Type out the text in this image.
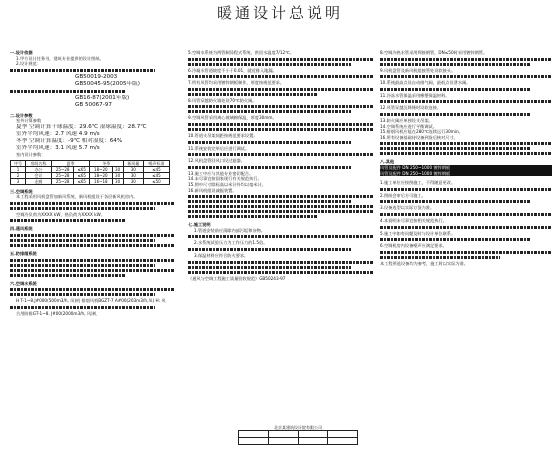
暖通设计总说明
一.设计依据
1.甲方设计任务书，建筑专业提供的设计图纸。
2.设计规范：
GB50019-2003
GB50045-95(2005年版)
GB16-87(2001年版)
GB 50067-97
二.设计参数
室外计算参数
夏季 空调计算干球温度：29.6℃ 湿球温度：28.7℃
室外平均风速：2.7 风速 4.9 m/s
冬季 空调计算温度：-9℃ 相对湿度：64%
室外平均风速：3.1 风速 5.7 m/s
室内设计参数：
序号	房间名称	夏季		冬季		新风量	噪声标准
1	办公	25~28	≤65	18~20	30	30	≤45
2	会议	25~28	≤65	18~20	30	30	≤45
3	走廊	25~28	≤65	16~18	30	30	≤50
三.空调系统
本工程采用风机盘管加新风系统，新风机组设于各层新风机房内。
空调冷负荷为XXXX kW，热负荷为XXXX kW。
四.通风系统
五.防排烟系统
六.空调水系统
H T-1~8.J#000(500m3/h, 凤)机 排烟风机BGZT-7 A#00(203m3/h,凤) H: 风
合用防排GT-1~8. J#00(2000m3/h, 风)机
5.空调水系统为两管制异程式系统，供回水温度7/12℃。
6.冷凝水管道坡度不小于0.01，就近排入地漏。
7.所有风管均采用镀锌钢板制作，厚度按规范要求。
8.风管穿越防火墙处设70℃防火阀。
9.空调风管采用离心玻璃棉保温，厚度30mm。
10.管道支吊架间距按规范要求设置。
11.系统安装完毕后应进行调试。
12.风机盘管回风口设过滤器。
13.施工中应与其他专业密切配合。
14.未尽事宜按国家现行有关规范执行。
15.图中尺寸除标高以米计外均以毫米计。
16.新风机组设减振装置。
七.施工说明
1.管道安装前应清除内部污垢和杂物。
2.水系统试验压力为工作压力的1.5倍。
3.保温材料应符合防火要求。
《通风与空调工程施工质量验收规范》GB50243-97
8.空调冷热水管采用焊接钢管，DN≤50时采用镀锌钢管。
9.风机盘管及新风机组接管处设软接头。
10.系统最高点设自动排气阀，最低点设泄水阀。
11.冷冻水管保温采用橡塑保温材料。
12.风管穿越沉降缝时设软连接。
13.防火阀应单独设支吊架。
14.空调系统应进行平衡调试。
15.排烟风机应能在280℃连续运行30min。
16.所有设备基础待设备到货后核对尺寸。
八.其他
风管及配件 DN 250~1000 镀锌钢板
风管及配件 DN 250~1000 镀锌钢板
1.施工单位应按图施工，不得随意更改。
2.图纸会审后方可施工。
3.设备选型以实际订货为准。
4.本说明未尽事宜按相关规范执行。
5.施工中如有问题及时与设计单位联系。
6.空调机房内设备噪声应满足要求。
本工程所选设备均为参考，施工时以实际为准。
北京某建筑设计院有限公司
